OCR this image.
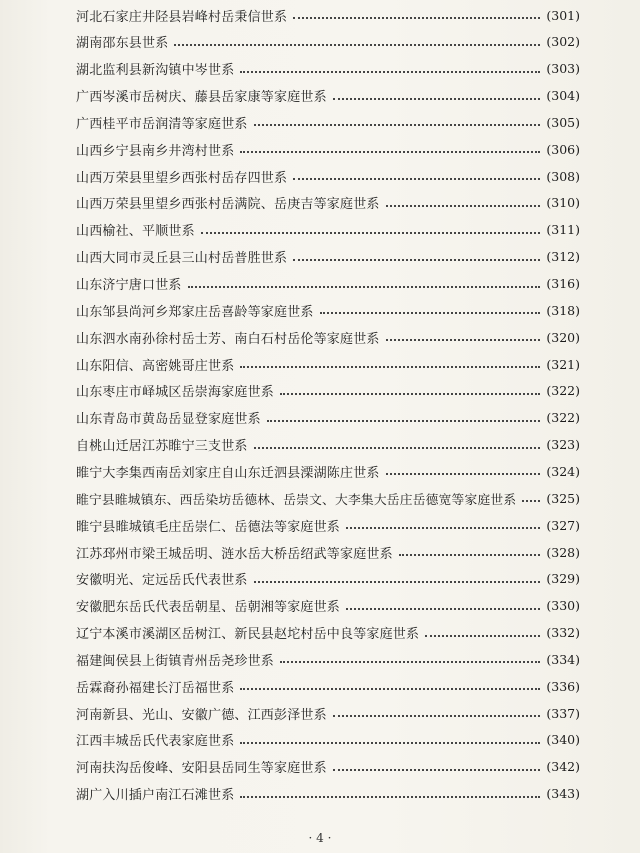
河北石家庄井陉县岩峰村岳秉信世系	(301)
湖南邵东县世系	(302)
湖北监利县新沟镇中岑世系	(303)
广西岑溪市岳树庆、藤县岳家康等家庭世系	(304)
广西桂平市岳润清等家庭世系	(305)
山西乡宁县南乡井湾村世系	(306)
山西万荣县里望乡西张村岳存四世系	(308)
山西万荣县里望乡西张村岳满院、岳庚吉等家庭世系	(310)
山西榆社、平顺世系	(311)
山西大同市灵丘县三山村岳普胜世系	(312)
山东济宁唐口世系	(316)
山东邹县尚河乡郑家庄岳喜龄等家庭世系	(318)
山东泗水南孙徐村岳士芳、南白石村岳伦等家庭世系	(320)
山东阳信、高密姚哥庄世系	(321)
山东枣庄市峄城区岳崇海家庭世系	(322)
山东青岛市黄岛岳显登家庭世系	(322)
自桃山迁居江苏睢宁三支世系	(323)
睢宁大李集西南岳刘家庄自山东迁泗县溧湖陈庄世系	(324)
睢宁县睢城镇东、西岳染坊岳德林、岳崇文、大李集大岳庄岳德宽等家庭世系 (325)
睢宁县睢城镇毛庄岳崇仁、岳德法等家庭世系	(327)
江苏邳州市梁王城岳明、涟水岳大桥岳绍武等家庭世系	(328)
安徽明光、定远岳氏代表世系	(329)
安徽肥东岳氏代表岳朝星、岳朝湘等家庭世系	(330)
辽宁本溪市溪湖区岳树江、新民县赵坨村岳中良等家庭世系	(332)
福建闽侯县上街镇青州岳尧珍世系	(334)
岳霖裔孙福建长汀岳福世系	(336)
河南新县、光山、安徽广德、江西彭泽世系	(337)
江西丰城岳氏代表家庭世系	(340)
河南扶沟岳俊峰、安阳县岳同生等家庭世系	(342)
湖广入川插户南江石滩世系	(343)
· 4 ·
